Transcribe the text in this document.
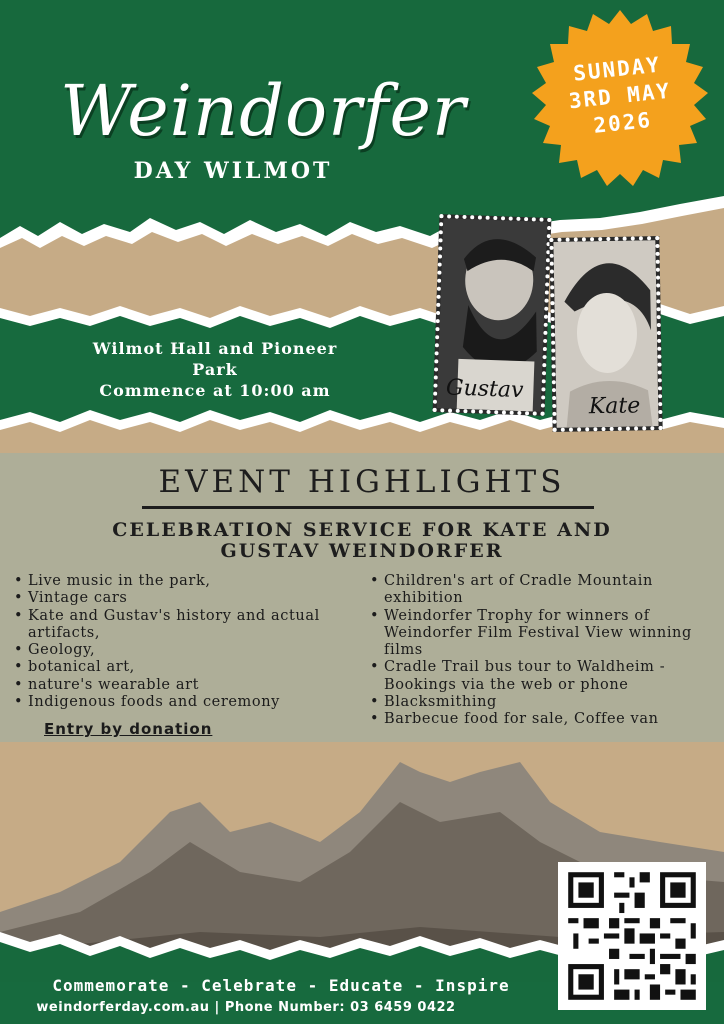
Weindorfer
DAY WILMOT
SUNDAY
3RD MAY
2026
Wilmot Hall and Pioneer
Park
Commence at 10:00 am	Gustav
Kate
EVENT HIGHLIGHTS
CELEBRATION SERVICE FOR KATE AND
GUSTAV WEINDORFER
• Live music in the park,
• Vintage cars
• Kate and Gustav's history and actual artifacts,
• Geology,
• botanical art,
• nature's wearable art
• Indigenous foods and ceremony
• Children's art of Cradle Mountain exhibition
• Weindorfer Trophy for winners of Weindorfer Film Festival View winning films
• Cradle Trail bus tour to Waldheim - Bookings via the web or phone
• Blacksmithing
• Barbecue food for sale, Coffee van
Entry by donation
Commemorate - Celebrate - Educate - Inspire
weindorferday.com.au | Phone Number: 03 6459 0422
